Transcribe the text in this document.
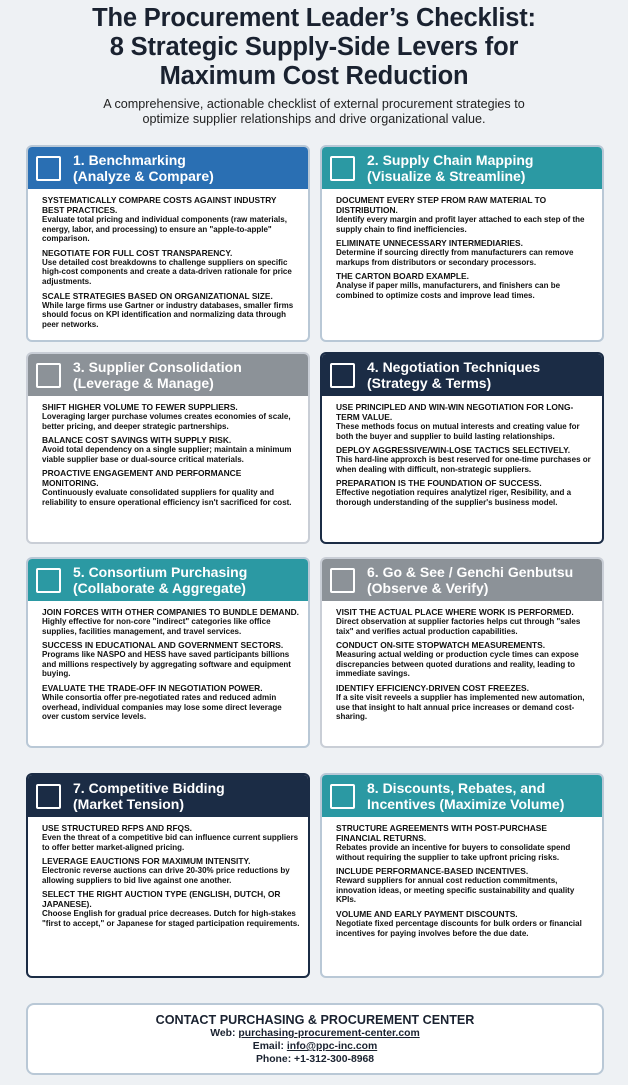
The Procurement Leader’s Checklist:
8 Strategic Supply-Side Levers for
Maximum Cost Reduction
A comprehensive, actionable checklist of external procurement strategies to
optimize supplier relationships and drive organizational value.
1. Benchmarking
(Analyze & Compare)
SYSTEMATICALLY COMPARE COSTS AGAINST INDUSTRY BEST PRACTICES.
Evaluate total pricing and individual components (raw materials, energy, labor, and processing) to ensure an "apple-to-apple" comparison.
NEGOTIATE FOR FULL COST TRANSPARENCY.
Use detailed cost breakdowns to challenge suppliers on specific high-cost components and create a data-driven rationale for price adjustments.
SCALE STRATEGIES BASED ON ORGANIZATIONAL SIZE.
While large firms use Gartner or industry databases, smaller firms should focus on KPI identification and normalizing data through peer networks.
2. Supply Chain Mapping
(Visualize & Streamline)
DOCUMENT EVERY STEP FROM RAW MATERIAL TO DISTRIBUTION.
Identify every margin and profit layer attached to each step of the supply chain to find inefficiencies.
ELIMINATE UNNECESSARY INTERMEDIARIES.
Determine if sourcing directly from manufacturers can remove markups from distributors or secondary processors.
THE CARTON BOARD EXAMPLE.
Analyse if paper mills, manufacturers, and finishers can be combined to optimize costs and improve lead times.
3. Supplier Consolidation
(Leverage & Manage)
SHIFT HIGHER VOLUME TO FEWER SUPPLIERS.
Loveraging larger purchase volumes creates economies of scale, better pricing, and deeper strategic partnerships.
BALANCE COST SAVINGS WITH SUPPLY RISK.
Avoid total dependency on a single supplier; maintain a minimum viable supplier base or dual-source critical materials.
PROACTIVE ENGAGEMENT AND PERFORMANCE MONITORING.
Continuously evaluate consolidated suppliers for quality and reliability to ensure operational efficiency isn't sacrificed for cost.
4. Negotiation Techniques
(Strategy & Terms)
USE PRINCIPLED AND WIN-WIN NEGOTIATION FOR LONG-TERM VALUE.
These methods focus on mutual interests and creating value for both the buyer and supplier to build lasting relationships.
DEPLOY AGGRESSIVE/WIN-LOSE TACTICS SELECTIVELY.
This hard-line approxch is best reserved for one-time purchases or when dealing with difficult, non-strategic suppliers.
PREPARATION IS THE FOUNDATION OF SUCCESS.
Effective negotiation requires analytizel riger, Resibility, and a thorough understanding of the supplier's business model.
5. Consortium Purchasing
(Collaborate & Aggregate)
JOIN FORCES WITH OTHER COMPANIES TO BUNDLE DEMAND.
Highly effective for non-core "indirect" categories like office supplies, facilities management, and travel services.
SUCCESS IN EDUCATIONAL AND GOVERNMENT SECTORS.
Programs like NASPO and HESS have saved participants billions and millions respectively by aggregating software and equipment buying.
EVALUATE THE TRADE-OFF IN NEGOTIATION POWER.
While consortia offer pre-negotiated rates and reduced admin overhead, individual companies may lose some direct leverage over custom service levels.
6. Go & See / Genchi Genbutsu
(Observe & Verify)
VISIT THE ACTUAL PLACE WHERE WORK IS PERFORMED.
Direct observation at supplier factories helps cut through "sales taix" and verifies actual production capabilities.
CONDUCT ON-SITE STOPWATCH MEASUREMENTS.
Measuring actual welding or production cycle times can expose discrepancies between quoted durations and reality, leading to immediate savings.
IDENTIFY EFFICIENCY-DRIVEN COST FREEZES.
If a site visit reveels a supplier has implemented new automation, use that insight to halt annual price increases or demand cost-sharing.
7. Competitive Bidding
(Market Tension)
USE STRUCTURED RFPS AND RFQS.
Even the threat of a competitive bid can influence current suppliers to offer better market-aligned pricing.
LEVERAGE EAUCTIONS FOR MAXIMUM INTENSITY.
Electronic reverse auctions can drive 20-30% price reductions by allowing suppliers to bid live against one another.
SELECT THE RIGHT AUCTION TYPE (ENGLISH, DUTCH, OR JAPANESE).
Choose English for gradual price decreases. Dutch for high-stakes "first to accept," or Japanese for staged participation requirements.
8. Discounts, Rebates, and
Incentives (Maximize Volume)
STRUCTURE AGREEMENTS WITH POST-PURCHASE FINANCIAL RETURNS.
Rebates provide an incentive for buyers to consolidate spend without requiring the supplier to take upfront pricing risks.
INCLUDE PERFORMANCE-BASED INCENTIVES.
Reward suppliers for annual cost reduction commitments, innovation ideas, or meeting specific sustainability and quality KPIs.
VOLUME AND EARLY PAYMENT DISCOUNTS.
Negotiate fixed percentage discounts for bulk orders or financial incentives for paying involves before the due date.
CONTACT PURCHASING & PROCUREMENT CENTER
Web: purchasing-procurement-center.com
Email: info@ppc-inc.com
Phone: +1-312-300-8968
